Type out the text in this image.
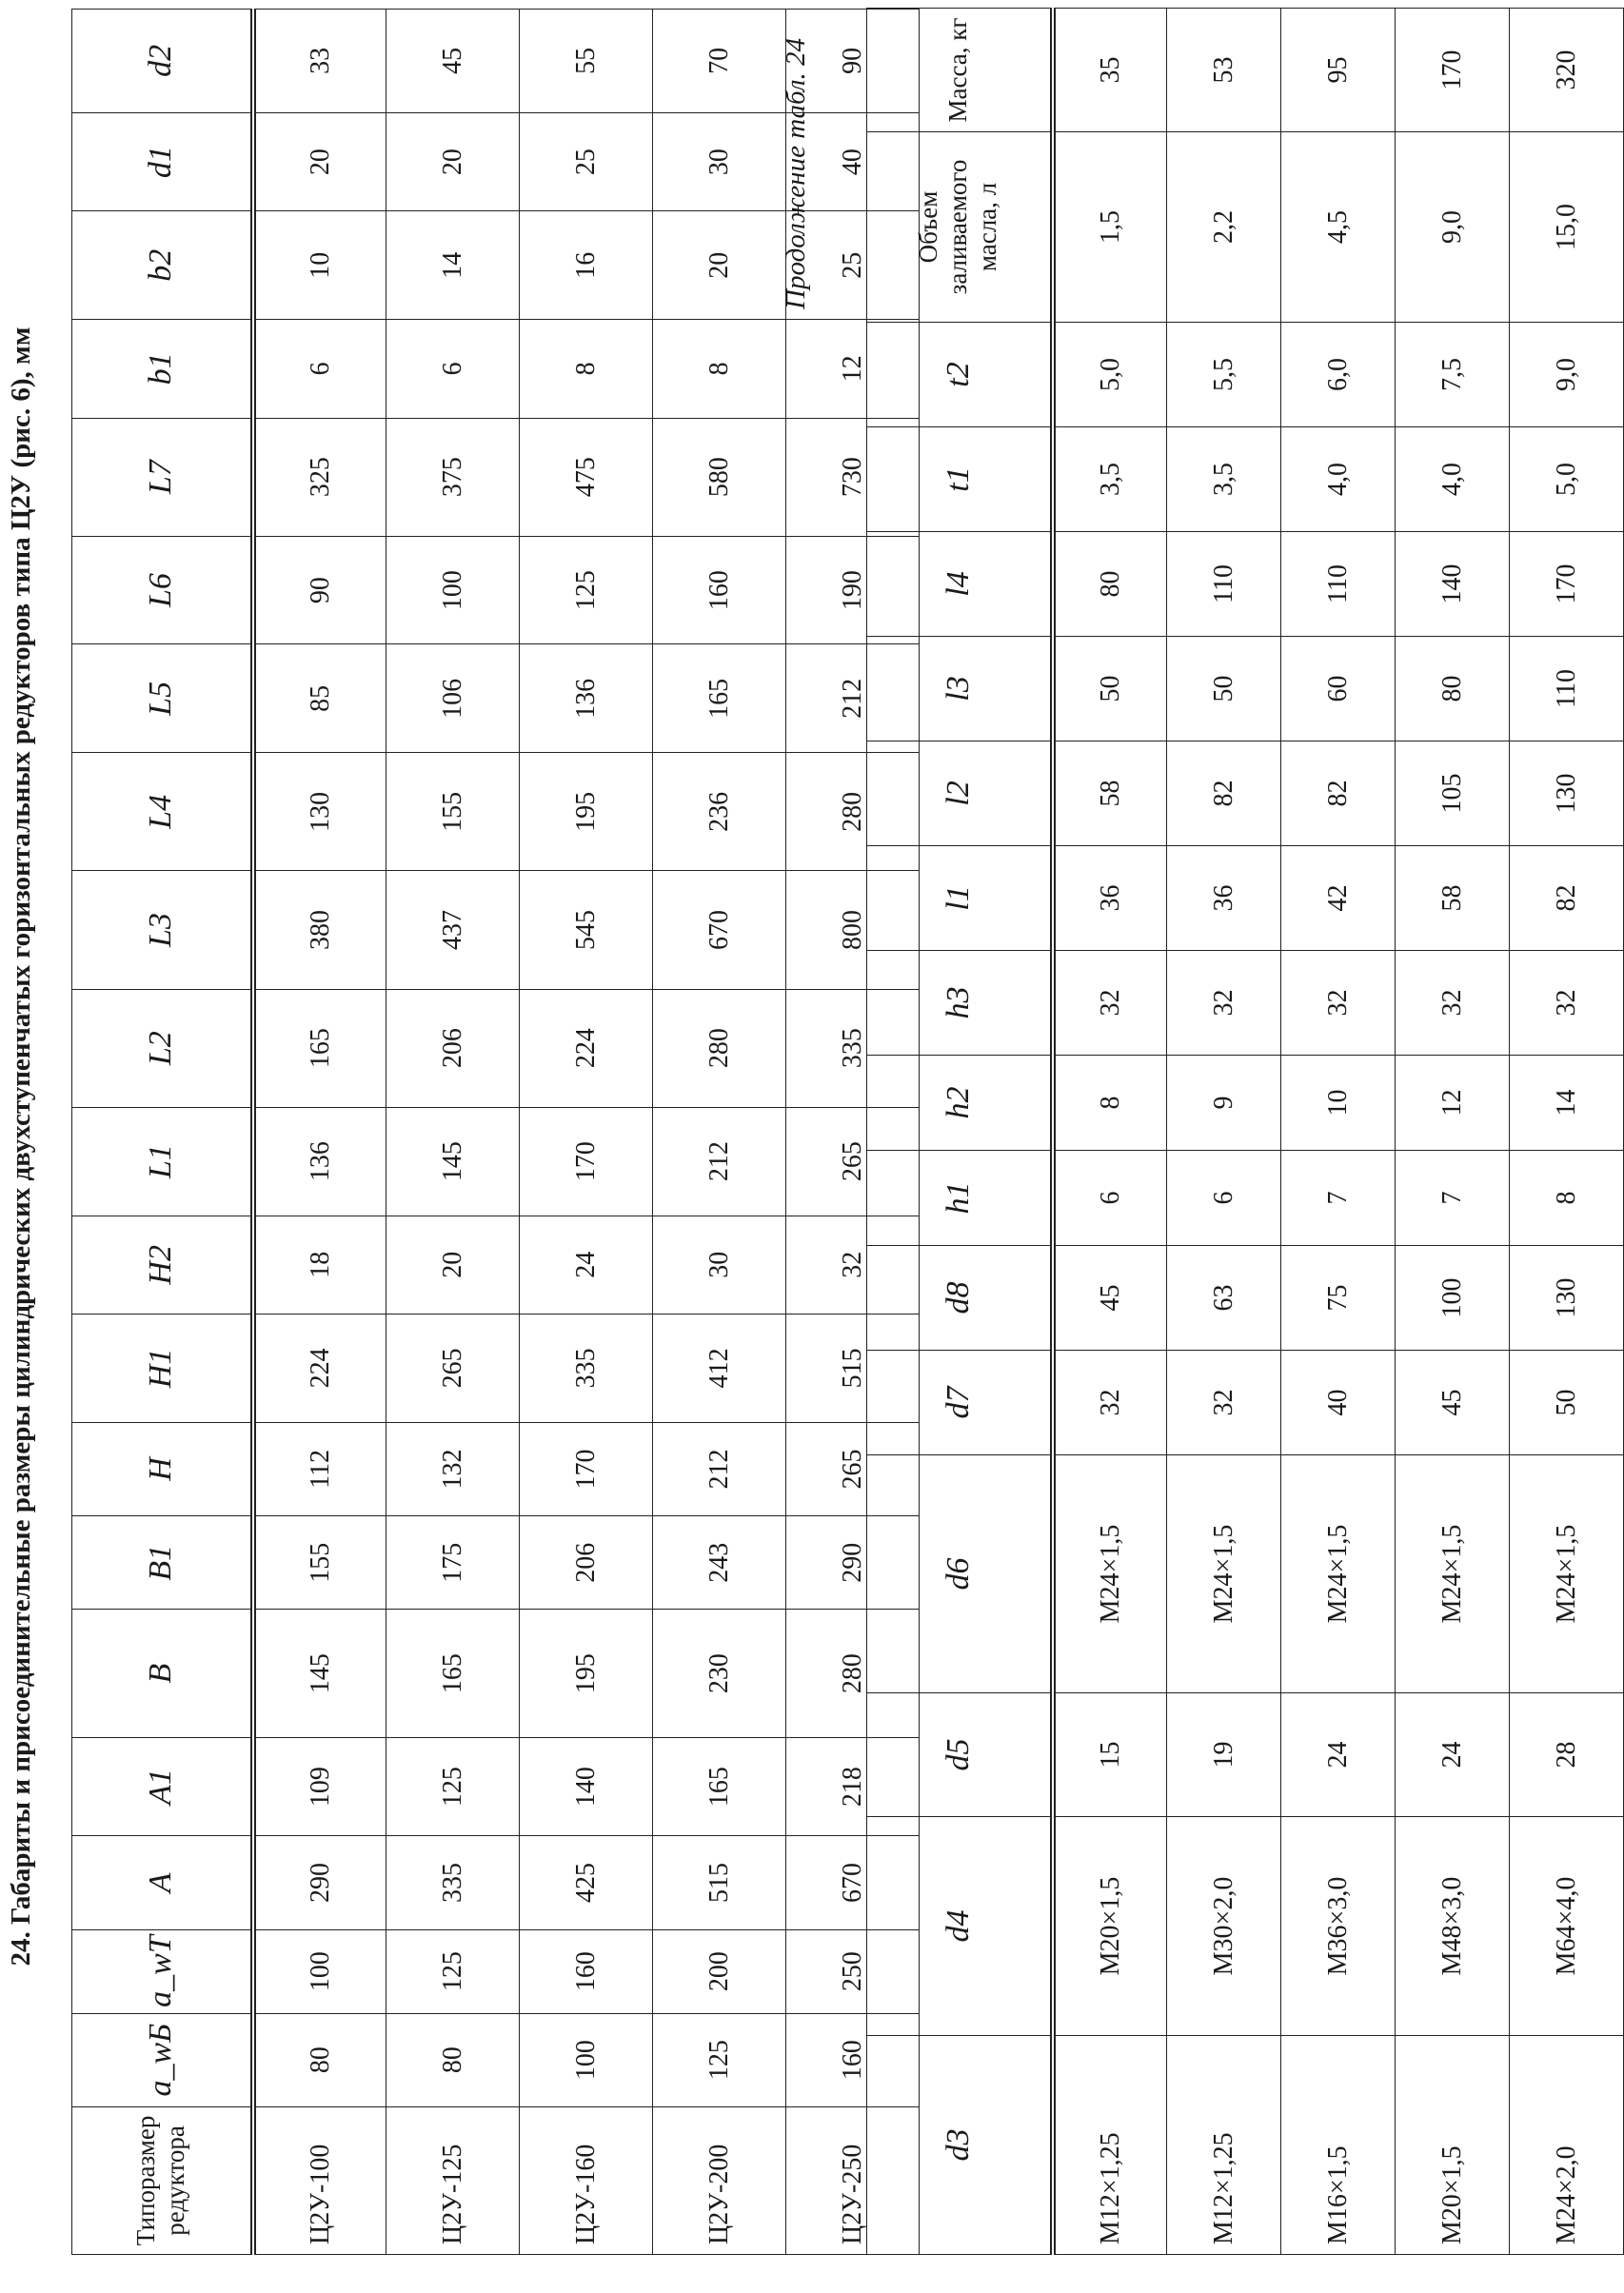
24. Габариты и присоединительные размеры цилиндрических двухступенчатых горизонтальных редукторов типа Ц2У (рис. 6), мм
Типоразмер редуктора	a_wБ	a_wT	A	A1	B	B1	H	H1	H2	L1	L2	L3	L4	L5	L6	L7	b1	b2	d1	d2
Ц2У-100	80	100	290	109	145	155	112	224	18	136	165	380	130	85	90	325	6	10	20	33
Ц2У-125	80	125	335	125	165	175	132	265	20	145	206	437	155	106	100	375	6	14	20	45
Ц2У-160	100	160	425	140	195	206	170	335	24	170	224	545	195	136	125	475	8	16	25	55
Ц2У-200	125	200	515	165	230	243	212	412	30	212	280	670	236	165	160	580	8	20	30	70
Ц2У-250	160	250	670	218	280	290	265	515	32	265	335	800	280	212	190	730	12	25	40	90
Продолжение табл. 24
d3	d4	d5	d6	d7	d8	h1	h2	h3	l1	l2	l3	l4	t1	t2	Объем заливаемого масла, л	Масса, кг

M12×1,25	M20×1,5	15	M24×1,5	32	45	6	8	32	36	58	50	80	3,5	5,0	1,5	35
M12×1,25	M30×2,0	19	M24×1,5	32	63	6	9	32	36	82	50	110	3,5	5,5	2,2	53
M16×1,5	M36×3,0	24	M24×1,5	40	75	7	10	32	42	82	60	110	4,0	6,0	4,5	95
M20×1,5	M48×3,0	24	M24×1,5	45	100	7	12	32	58	105	80	140	4,0	7,5	9,0	170
M24×2,0	M64×4,0	28	M24×1,5	50	130	8	14	32	82	130	110	170	5,0	9,0	15,0	320
